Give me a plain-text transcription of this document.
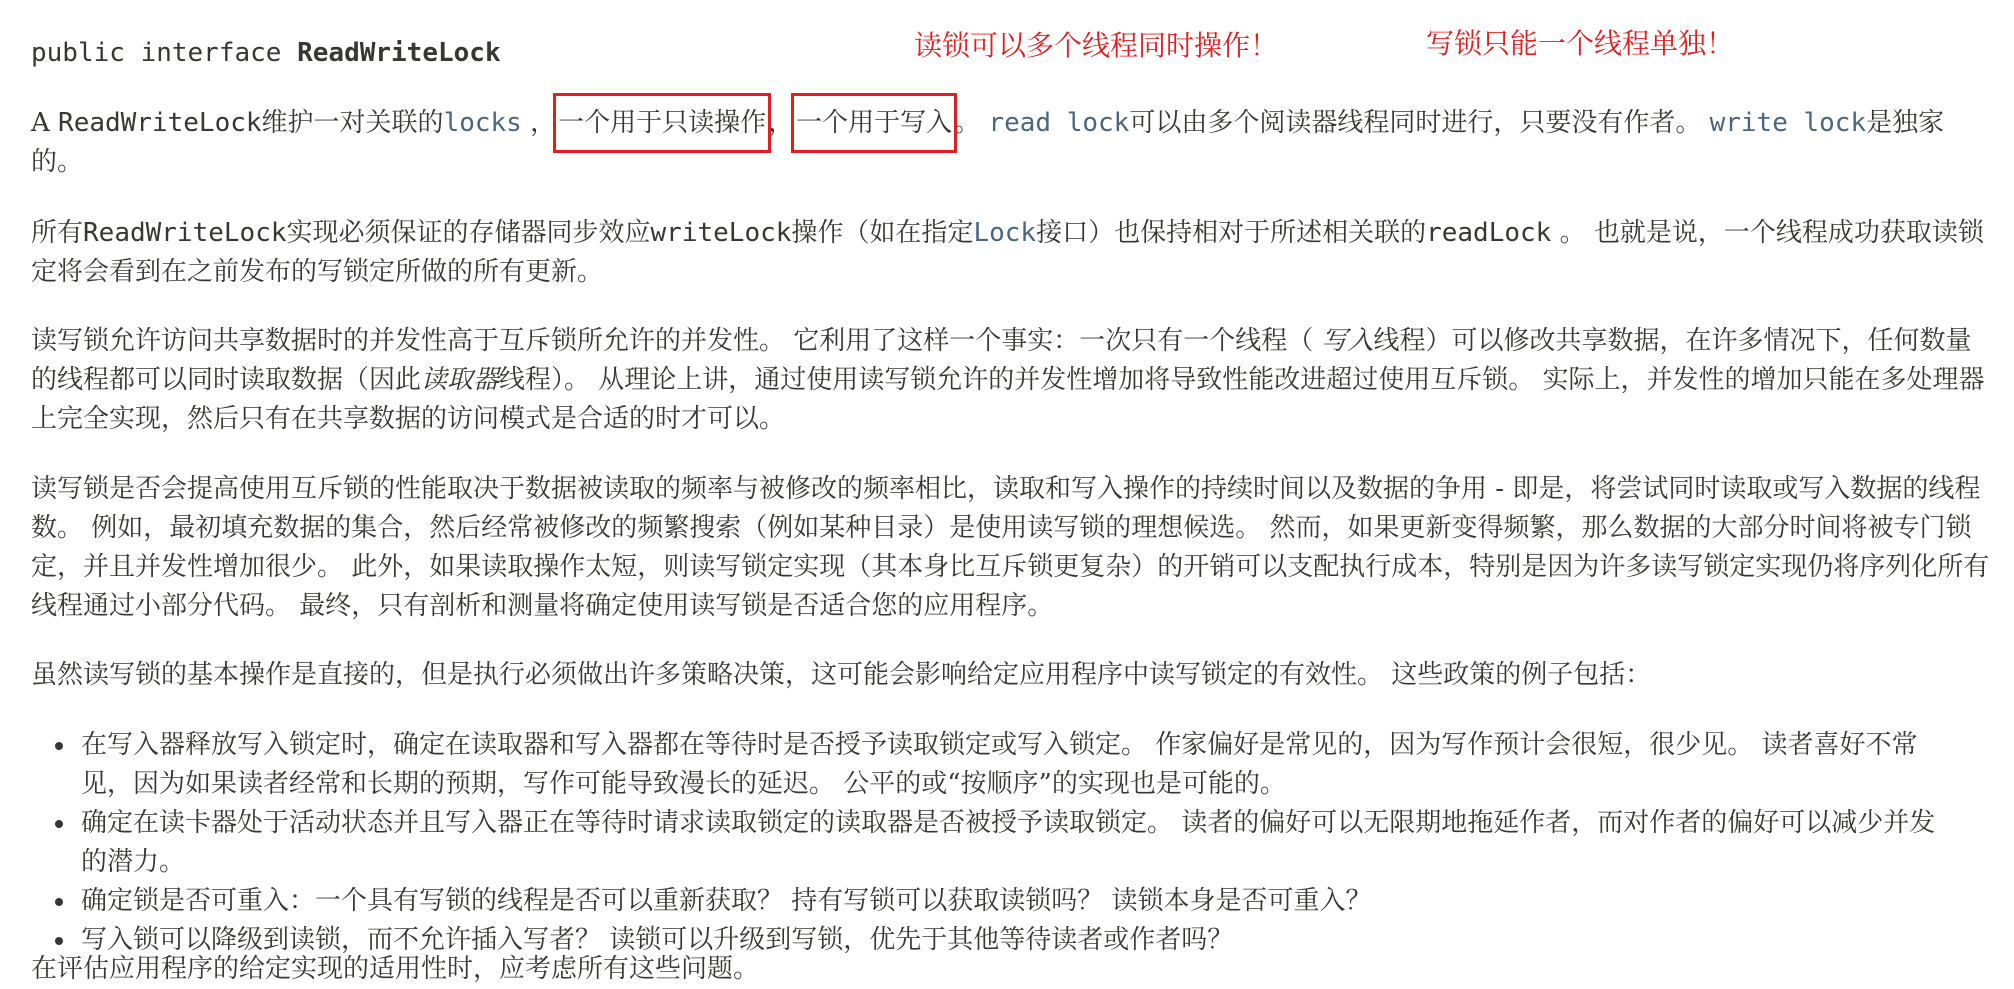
读锁可以多个线程同时操作！	写锁只能一个线程单独！
public interface ReadWriteLock

A ReadWriteLock维护一对关联的locks ，一个用于只读操作，一个用于写入。 read lock可以由多个阅读器线程同时进行，只要没有作者。 write lock是独家的。

所有ReadWriteLock实现必须保证的存储器同步效应writeLock操作（如在指定Lock接口）也保持相对于所述相关联的readLock 。 也就是说，一个线程成功获取读锁定将会看到在之前发布的写锁定所做的所有更新。

读写锁允许访问共享数据时的并发性高于互斥锁所允许的并发性。 它利用了这样一个事实：一次只有一个线程（ 写入线程）可以修改共享数据，在许多情况下，任何数量的线程都可以同时读取数据（因此读取器线程）。 从理论上讲，通过使用读写锁允许的并发性增加将导致性能改进超过使用互斥锁。 实际上，并发性的增加只能在多处理器上完全实现，然后只有在共享数据的访问模式是合适的时才可以。

读写锁是否会提高使用互斥锁的性能取决于数据被读取的频率与被修改的频率相比，读取和写入操作的持续时间以及数据的争用 - 即是，将尝试同时读取或写入数据的线程数。 例如，最初填充数据的集合，然后经常被修改的频繁搜索（例如某种目录）是使用读写锁的理想候选。 然而，如果更新变得频繁，那么数据的大部分时间将被专门锁定，并且并发性增加很少。 此外，如果读取操作太短，则读写锁定实现（其本身比互斥锁更复杂）的开销可以支配执行成本，特别是因为许多读写锁定实现仍将序列化所有线程通过小部分代码。 最终，只有剖析和测量将确定使用读写锁是否适合您的应用程序。

虽然读写锁的基本操作是直接的，但是执行必须做出许多策略决策，这可能会影响给定应用程序中读写锁定的有效性。 这些政策的例子包括：

在评估应用程序的给定实现的适用性时，应考虑所有这些问题。

在写入器释放写入锁定时，确定在读取器和写入器都在等待时是否授予读取锁定或写入锁定。 作家偏好是常见的，因为写作预计会很短，很少见。 读者喜好不常见，因为如果读者经常和长期的预期，写作可能导致漫长的延迟。 公平的或“按顺序”的实现也是可能的。
确定在读卡器处于活动状态并且写入器正在等待时请求读取锁定的读取器是否被授予读取锁定。 读者的偏好可以无限期地拖延作者，而对作者的偏好可以减少并发的潜力。
确定锁是否可重入：一个具有写锁的线程是否可以重新获取？ 持有写锁可以获取读锁吗？ 读锁本身是否可重入？
写入锁可以降级到读锁，而不允许插入写者？ 读锁可以升级到写锁，优先于其他等待读者或作者吗？
